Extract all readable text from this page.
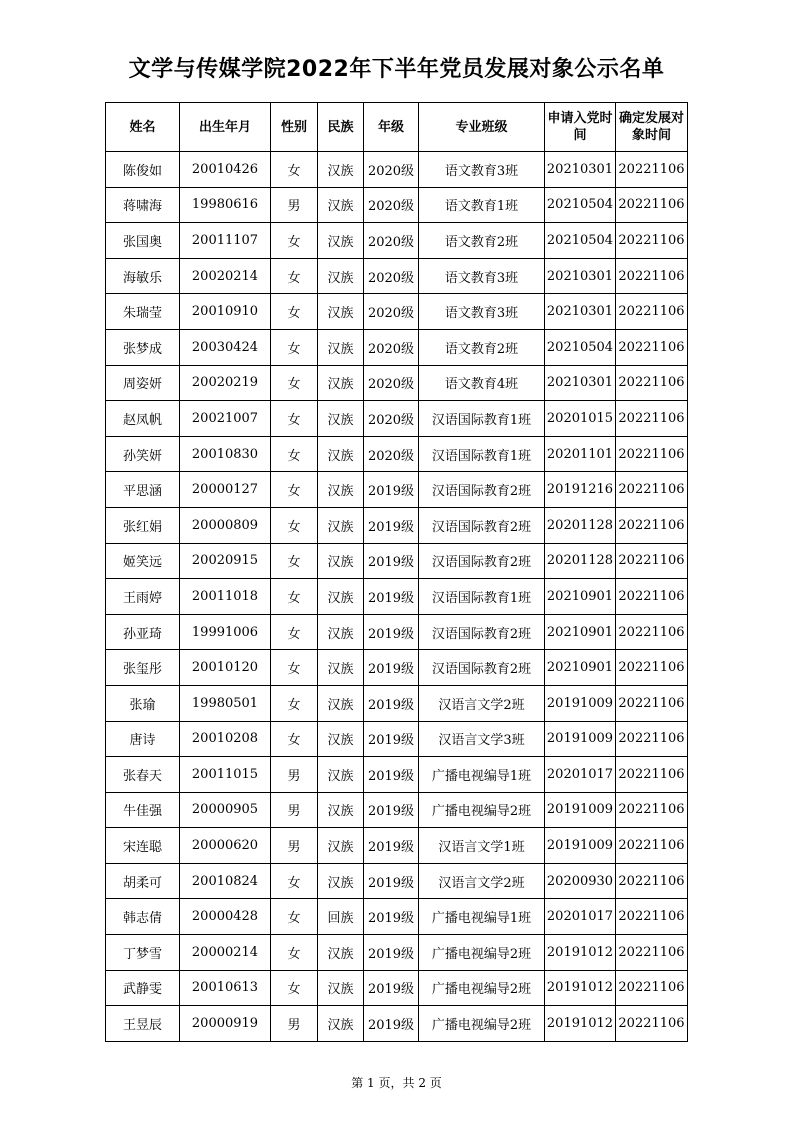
文学与传媒学院2022年下半年党员发展对象公示名单
姓名	出生年月	性别	民族	年级	专业班级	申请入党时间	确定发展对象时间
陈俊如	20010426	女	汉族	2020级	语文教育3班	20210301	20221106
蒋啸海	19980616	男	汉族	2020级	语文教育1班	20210504	20221106
张国奥	20011107	女	汉族	2020级	语文教育2班	20210504	20221106
海敏乐	20020214	女	汉族	2020级	语文教育3班	20210301	20221106
朱瑞莹	20010910	女	汉族	2020级	语文教育3班	20210301	20221106
张梦成	20030424	女	汉族	2020级	语文教育2班	20210504	20221106
周姿妍	20020219	女	汉族	2020级	语文教育4班	20210301	20221106
赵凤帆	20021007	女	汉族	2020级	汉语国际教育1班	20201015	20221106
孙笑妍	20010830	女	汉族	2020级	汉语国际教育1班	20201101	20221106
平思涵	20000127	女	汉族	2019级	汉语国际教育2班	20191216	20221106
张红娟	20000809	女	汉族	2019级	汉语国际教育2班	20201128	20221106
姬笑远	20020915	女	汉族	2019级	汉语国际教育2班	20201128	20221106
王雨婷	20011018	女	汉族	2019级	汉语国际教育1班	20210901	20221106
孙亚琦	19991006	女	汉族	2019级	汉语国际教育2班	20210901	20221106
张玺彤	20010120	女	汉族	2019级	汉语国际教育2班	20210901	20221106
张瑜	19980501	女	汉族	2019级	汉语言文学2班	20191009	20221106
唐诗	20010208	女	汉族	2019级	汉语言文学3班	20191009	20221106
张春天	20011015	男	汉族	2019级	广播电视编导1班	20201017	20221106
牛佳强	20000905	男	汉族	2019级	广播电视编导2班	20191009	20221106
宋连聪	20000620	男	汉族	2019级	汉语言文学1班	20191009	20221106
胡柔可	20010824	女	汉族	2019级	汉语言文学2班	20200930	20221106
韩志倩	20000428	女	回族	2019级	广播电视编导1班	20201017	20221106
丁梦雪	20000214	女	汉族	2019级	广播电视编导2班	20191012	20221106
武静雯	20010613	女	汉族	2019级	广播电视编导2班	20191012	20221106
王昱辰	20000919	男	汉族	2019级	广播电视编导2班	20191012	20221106
第 1 页，共 2 页
